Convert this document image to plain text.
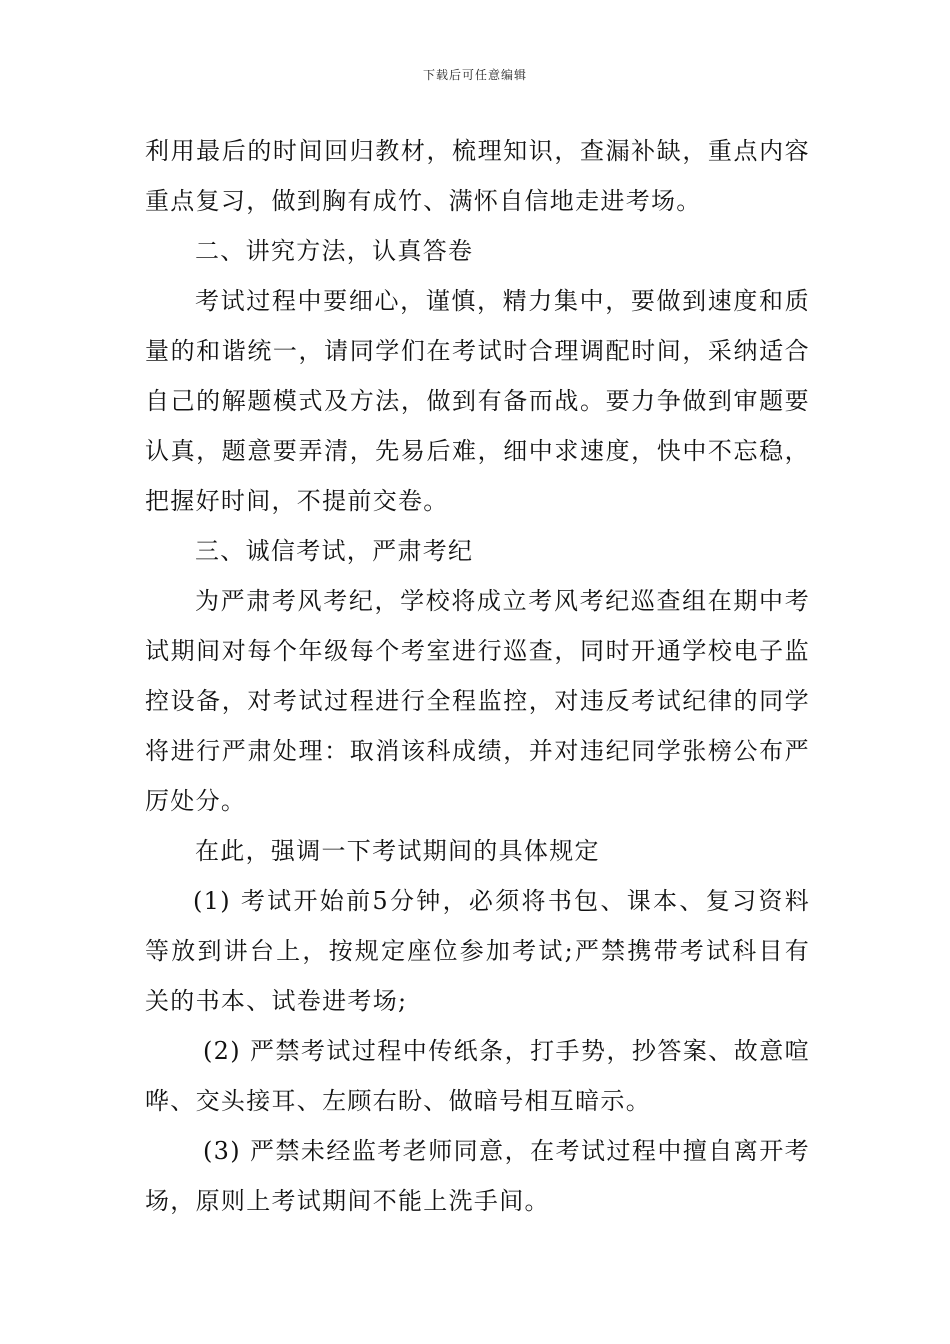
下载后可任意编辑

利用最后的时间回归教材，梳理知识，查漏补缺，重点内容重点复习，做到胸有成竹、满怀自信地走进考场。

二、讲究方法，认真答卷

考试过程中要细心，谨慎，精力集中，要做到速度和质量的和谐统一，请同学们在考试时合理调配时间，采纳适合自己的解题模式及方法，做到有备而战。要力争做到审题要认真，题意要弄清，先易后难，细中求速度，快中不忘稳，把握好时间，不提前交卷。

三、诚信考试，严肃考纪

为严肃考风考纪，学校将成立考风考纪巡查组在期中考试期间对每个年级每个考室进行巡查，同时开通学校电子监控设备，对考试过程进行全程监控，对违反考试纪律的同学将进行严肃处理：取消该科成绩，并对违纪同学张榜公布严厉处分。

在此，强调一下考试期间的具体规定

(1) 考试开始前5分钟，必须将书包、课本、复习资料等放到讲台上，按规定座位参加考试;严禁携带考试科目有关的书本、试卷进考场;

(2) 严禁考试过程中传纸条，打手势，抄答案、故意喧哗、交头接耳、左顾右盼、做暗号相互暗示。

(3) 严禁未经监考老师同意，在考试过程中擅自离开考场，原则上考试期间不能上洗手间。
